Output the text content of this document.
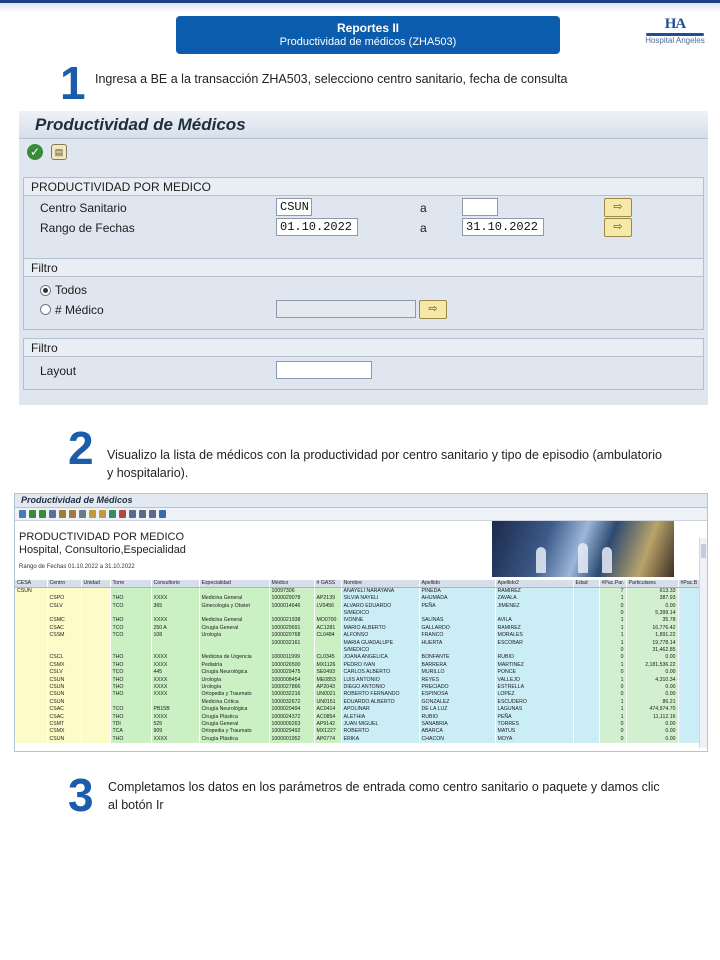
Reportes II
Productividad de médicos (ZHA503)
HA
Hospital Angeles
1 Ingresa a BE a la transacción ZHA503, selecciono centro sanitario, fecha de consulta
Productividad de Médicos
✓	▤
PRODUCTIVIDAD POR MEDICO
Centro Sanitario	CSUN	a	⇨
Rango de Fechas	01.10.2022	a	31.10.2022	⇨
Filtro
Todos
# Médico	⇨
Filtro
Layout
2 Visualizo la lista de médicos con la productividad por centro sanitario y tipo de episodio (ambulatorio y hospitalario).
Productividad de Médicos
PRODUCTIVIDAD POR MEDICO
Hospital, Consultorio,Especialidad
Rango de Fechas 01.10.2022 a 31.10.2022
CESA	Centro	Unidad	Torre	Consultorio	Especialidad	Médico	# GASS	Nombre	Apellido	Apellido2	Edad	#Pac.Par.	Particulares	#Pac.B
CSUN						10097306		ANAYELI NARAYANA	PINEDA	RAMIREZ		7	613.33	
	CSPO		THO	XXXX	Medicina General	1000029078	AP2139	SILVIA NAYELI	AHUMADA	ZAVALA		1	387.93	
	CSLV		TCO	365	Ginecología y Obstet	1000014646	LV0456	ALVARO EDUARDO	PEÑA	JIMENEZ		0	0.00	
								S/MÉDICO				0	5,399.14	
	CSMC		THO	XXXX	Medicina General	1000021938	MO0700	IVONNE	SALINAS	AVILA		1	35.78	
	CSAC		TCO	250 A	Cirugía General	1000029691	AC1281	MARIO ALBERTO	GALLARDO	RAMIREZ		1	16,776.42	
	CSSM		TCO	108	Urología	1000020768	CL0484	ALFONSO	FRANCO	MORALES		1	1,891.22	
						1000032161		MARIA GUADALUPE	HUERTA	ESCOBAR		1	19,778.14	
								S/MÉDICO				0	31,462.85	
	CSCL		THO	XXXX	Medicina de Urgencia	1000011999	CL0345	JOANA ANGELICA	BONFANTE	RUBIO		0	0.00	
	CSMX		THO	XXXX	Pediatría	1000026500	MX1126	PEDRO IVAN	BARRERA	MARTINEZ		1	2,181,536.22	
	CSLV		TCO	445	Cirugía Neurológica	1000029475	SE0493	CARLOS ALBERTO	MURILLO	PONCE		0	0.00	
	CSUN		THO	XXXX	Urología	1000008454	ME0853	LUIS ANTONIO	REYES	VALLEJO		1	4,310.34	
	CSUN		THO	XXXX	Urología	1000027866	AP2043	DIEGO ANTONIO	PRECIADO	ESTRELLA		0	0.00	
	CSUN		THO	XXXX	Ortopedia y Traumato	1000032216	UN0021	ROBERTO FERNANDO	ESPINOSA	LOPEZ		0	0.00	
	CSUN				Medicina Crítica	1000032672	UN0151	EDUARDO ALBERTO	GONZALEZ	ESCUDERO		1	86.21	
	CSAC		TCO	PB15B	Cirugía Neurológica	1000020494	AC0414	APOLINAR	DE LA LUZ	LAGUNAS		1	474,974.70	
	CSAC		THO	XXXX	Cirugía Plástica	1000024372	AC0854	ALETHIA	RUBIO	PEÑA		1	11,112.16	
	CSMT		TDI	525	Cirugía General	1000009263	AP9142	JUAN MIGUEL	SANABRIA	TORRES		0	0.00	
	CSMX		TCA	909	Ortopedia y Traumato	1000029492	MX1227	ROBERTO	ABARCA	MATUS		0	0.00	
	CSUN		THO	XXXX	Cirugía Plástica	1000001952	AP0774	ERIKA	CHACON	MOYA		0	0.00	
3 Completamos los datos en los parámetros de entrada como centro sanitario o paquete y damos clic al botón Ir
